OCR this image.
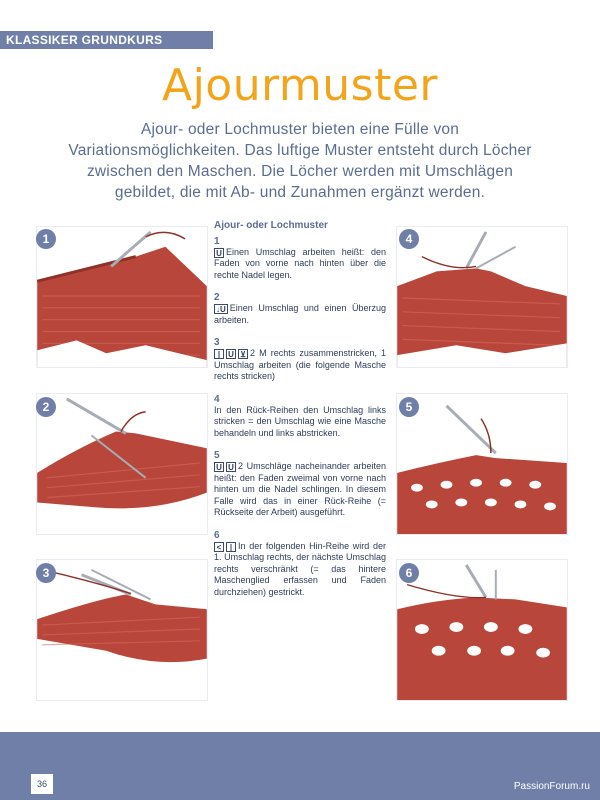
KLASSIKER GRUNDKURS
Ajourmuster

Ajour- oder Lochmuster bieten eine Fülle von Variationsmöglichkeiten. Das luftige Muster entsteht durch Löcher zwischen den Maschen. Die Löcher werden mit Umschlägen gebildet, die mit Ab- und Zunahmen ergänzt werden.

1
2
3
4
5
6
Ajour- oder Lochmuster
1
U Einen Umschlag arbeiten heißt: den Faden von vorne nach hinten über die rechte Nadel legen.
2
↓U Einen Umschlag und einen Überzug arbeiten.
3
| U ⊻ 2 M rechts zusammenstricken, 1 Umschlag arbeiten (die folgende Masche rechts stricken)
4
In den Rück-Reihen den Umschlag links stricken = den Umschlag wie eine Masche behandeln und links abstricken.
5
U U 2 Umschläge nacheinander arbeiten heißt: den Faden zweimal von vorne nach hinten um die Nadel schlingen. In diesem Falle wird das in einer Rück-Reihe (= Rückseite der Arbeit) ausgeführt.
6
< | In der folgenden Hin-Reihe wird der 1. Umschlag rechts, der nächste Umschlag rechts verschränkt (= das hintere Maschenglied erfassen und Faden durchziehen) gestrickt.
36	PassionForum.ru
